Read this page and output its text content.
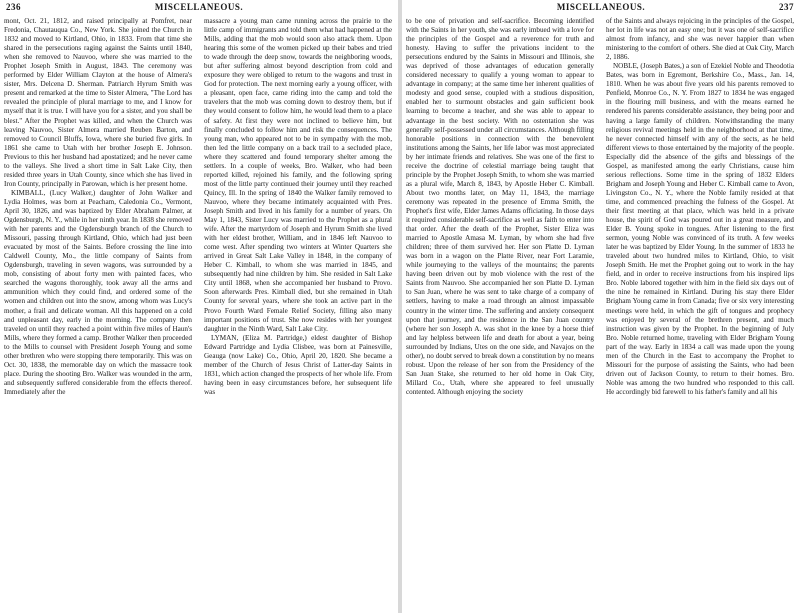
236	MISCELLANEOUS.

mont, Oct. 21, 1812, and raised principally at Pomfret, near Fredonia, Chautauqua Co., New York. She joined the Church in 1832 and moved to Kirtland, Ohio, in 1833. From that time she shared in the persecutions raging against the Saints until 1840, when she removed to Nauvoo, where she was married to the Prophet Joseph Smith in August, 1843. The ceremony was performed by Elder William Clayton at the house of Almera's sister, Mrs. Delcena D. Sherman. Patriarch Hyrum Smith was present and remarked at the time to Sister Almera, "The Lord has revealed the principle of plural marriage to me, and I know for myself that it is true. I will have you for a sister, and you shall be blest." After the Prophet was killed, and when the Church was leaving Nauvoo, Sister Almera married Reuben Barton, and removed to Council Bluffs, Iowa, where she buried five girls. In 1861 she came to Utah with her brother Joseph E. Johnson. Previous to this her husband had apostatized; and he never came to the valleys. She lived a short time in Salt Lake City, then resided three years in Utah County, since which she has lived in Iron County, principally in Parowan, which is her present home.

KIMBALL, (Lucy Walker,) daughter of John Walker and Lydia Holmes, was born at Peacham, Caledonia Co., Vermont, April 30, 1826, and was baptized by Elder Abraham Palmer, at Ogdensburgh, N. Y., while in her ninth year. In 1838 she removed with her parents and the Ogdensburgh branch of the Church to Missouri, passing through Kirtland, Ohio, which had just been evacuated by most of the Saints. Before crossing the line into Caldwell County, Mo., the little company of Saints from Ogdensburgh, traveling in seven wagons, was surrounded by a mob, consisting of about forty men with painted faces, who searched the wagons thoroughly, took away all the arms and ammunition which they could find, and ordered some of the women and children out into the snow, among whom was Lucy's mother, a frail and delicate woman. All this happened on a cold and unpleasant day, early in the morning. The company then traveled on until they reached a point within five miles of Haun's Mills, where they formed a camp. Brother Walker then proceeded to the Mills to counsel with President Joseph Young and some other brethren who were stopping there temporarily. This was on Oct. 30, 1838, the memorable day on which the massacre took place. During the shooting Bro. Walker was wounded in the arm, and subsequently suffered considerable from the effects thereof. Immediately after the

massacre a young man came running across the prairie to the little camp of immigrants and told them what had happened at the Mills, adding that the mob would soon also attack them. Upon hearing this some of the women picked up their babes and tried to wade through the deep snow, towards the neighboring woods, but after suffering almost beyond description from cold and exposure they were obliged to return to the wagons and trust in God for protection. The next morning early a young officer, with a pleasant, open face, came riding into the camp and told the travelers that the mob was coming down to destroy them, but if they would consent to follow him, he would lead them to a place of safety. At first they were not inclined to believe him, but finally concluded to follow him and risk the consequences. The young man, who appeared not to be in sympathy with the mob, then led the little company on a back trail to a secluded place, where they scattered and found temporary shelter among the settlers. In a couple of weeks, Bro. Walker, who had been reported killed, rejoined his family, and the following spring most of the little party continued their journey until they reached Quincy, Ill. In the spring of 1840 the Walker family removed to Nauvoo, where they became intimately acquainted with Pres. Joseph Smith and lived in his family for a number of years. On May 1, 1843, Sister Lucy was married to the Prophet as a plural wife. After the martyrdom of Joseph and Hyrum Smith she lived with her eldest brother, William, and in 1846 left Nauvoo to come west. After spending two winters at Winter Quarters she arrived in Great Salt Lake Valley in 1848, in the company of Heber C. Kimball, to whom she was married in 1845, and subsequently had nine children by him. She resided in Salt Lake City until 1868, when she accompanied her husband to Provo. Soon afterwards Pres. Kimball died, but she remained in Utah County for several years, where she took an active part in the Provo Fourth Ward Female Relief Society, filling also many important positions of trust. She now resides with her youngest daughter in the Ninth Ward, Salt Lake City.

LYMAN, (Eliza M. Partridge,) eldest daughter of Bishop Edward Partridge and Lydia Clisbee, was born at Painesville, Geauga (now Lake) Co., Ohio, April 20, 1820. She became a member of the Church of Jesus Christ of Latter-day Saints in 1831, which action changed the prospects of her whole life. From having been in easy circumstances before, her subsequent life was

MISCELLANEOUS.	237

to be one of privation and self-sacrifice. Becoming identified with the Saints in her youth, she was early imbued with a love for the principles of the Gospel and a reverence for truth and honesty. Having to suffer the privations incident to the persecutions endured by the Saints in Missouri and Illinois, she was deprived of those advantages of education generally considered necessary to qualify a young woman to appear to advantage in company; at the same time her inherent qualities of modesty and good sense, coupled with a studious disposition, enabled her to surmount obstacles and gain sufficient book learning to become a teacher, and she was able to appear to advantage in the best society. With no ostentation she was generally self-possessed under all circumstances. Although filling honorable positions in connection with the benevolent institutions among the Saints, her life labor was most appreciated by her intimate friends and relatives. She was one of the first to receive the doctrine of celestial marriage being taught that principle by the Prophet Joseph Smith, to whom she was married as a plural wife, March 8, 1843, by Apostle Heber C. Kimball. About two months later, on May 11, 1843, the marriage ceremony was repeated in the presence of Emma Smith, the Prophet's first wife, Elder James Adams officiating. In those days it required considerable self-sacrifice as well as faith to enter into that order. After the death of the Prophet, Sister Eliza was married to Apostle Amasa M. Lyman, by whom she had five children; three of them survived her. Her son Platte D. Lyman was born in a wagon on the Platte River, near Fort Laramie, while journeying to the valleys of the mountains; the parents having been driven out by mob violence with the rest of the Saints from Nauvoo. She accompanied her son Platte D. Lyman to San Juan, where he was sent to take charge of a company of settlers, having to make a road through an almost impassable country in the winter time. The suffering and anxiety consequent upon that journey, and the residence in the San Juan country (where her son Joseph A. was shot in the knee by a horse thief and lay helpless between life and death for about a year, being surrounded by Indians, Utes on the one side, and Navajos on the other), no doubt served to break down a constitution by no means robust. Upon the release of her son from the Presidency of the San Juan Stake, she returned to her old home in Oak City, Millard Co., Utah, where she appeared to feel unusually contented. Although enjoying the society

of the Saints and always rejoicing in the principles of the Gospel, her lot in life was not an easy one; but it was one of self-sacrifice almost from infancy, and she was never happier than when ministering to the comfort of others. She died at Oak City, March 2, 1886.

NOBLE, (Joseph Bates,) a son of Ezekiel Noble and Theodotia Bates, was born in Egremont, Berkshire Co., Mass., Jan. 14, 1810. When he was about five years old his parents removed to Penfield, Monroe Co., N. Y. From 1827 to 1834 he was engaged in the flouring mill business, and with the means earned he rendered his parents considerable assistance, they being poor and having a large family of children. Notwithstanding the many religious revival meetings held in the neighborhood at that time, he never connected himself with any of the sects, as he held different views to those entertained by the majority of the people. Especially did the absence of the gifts and blessings of the Gospel, as manifested among the early Christians, cause him serious reflections. Some time in the spring of 1832 Elders Brigham and Joseph Young and Heber C. Kimball came to Avon, Livingston Co., N. Y., where the Noble family resided at that time, and commenced preaching the fulness of the Gospel. At their first meeting at that place, which was held in a private house, the spirit of God was poured out in a great measure, and Elder B. Young spoke in tongues. After listening to the first sermon, young Noble was convinced of its truth. A few weeks later he was baptized by Elder Young. In the summer of 1833 he traveled about two hundred miles to Kirtland, Ohio, to visit Joseph Smith. He met the Prophet going out to work in the hay field, and in order to receive instructions from his inspired lips Bro. Noble labored together with him in the field six days out of the nine he remained in Kirtland. During his stay there Elder Brigham Young came in from Canada; five or six very interesting meetings were held, in which the gift of tongues and prophecy was enjoyed by several of the brethren present, and much instruction was given by the Prophet. In the beginning of July Bro. Noble returned home, traveling with Elder Brigham Young part of the way. Early in 1834 a call was made upon the young men of the Church in the East to accompany the Prophet to Missouri for the purpose of assisting the Saints, who had been driven out of Jackson County, to return to their homes. Bro. Noble was among the two hundred who responded to this call. He accordingly bid farewell to his father's family and all his
